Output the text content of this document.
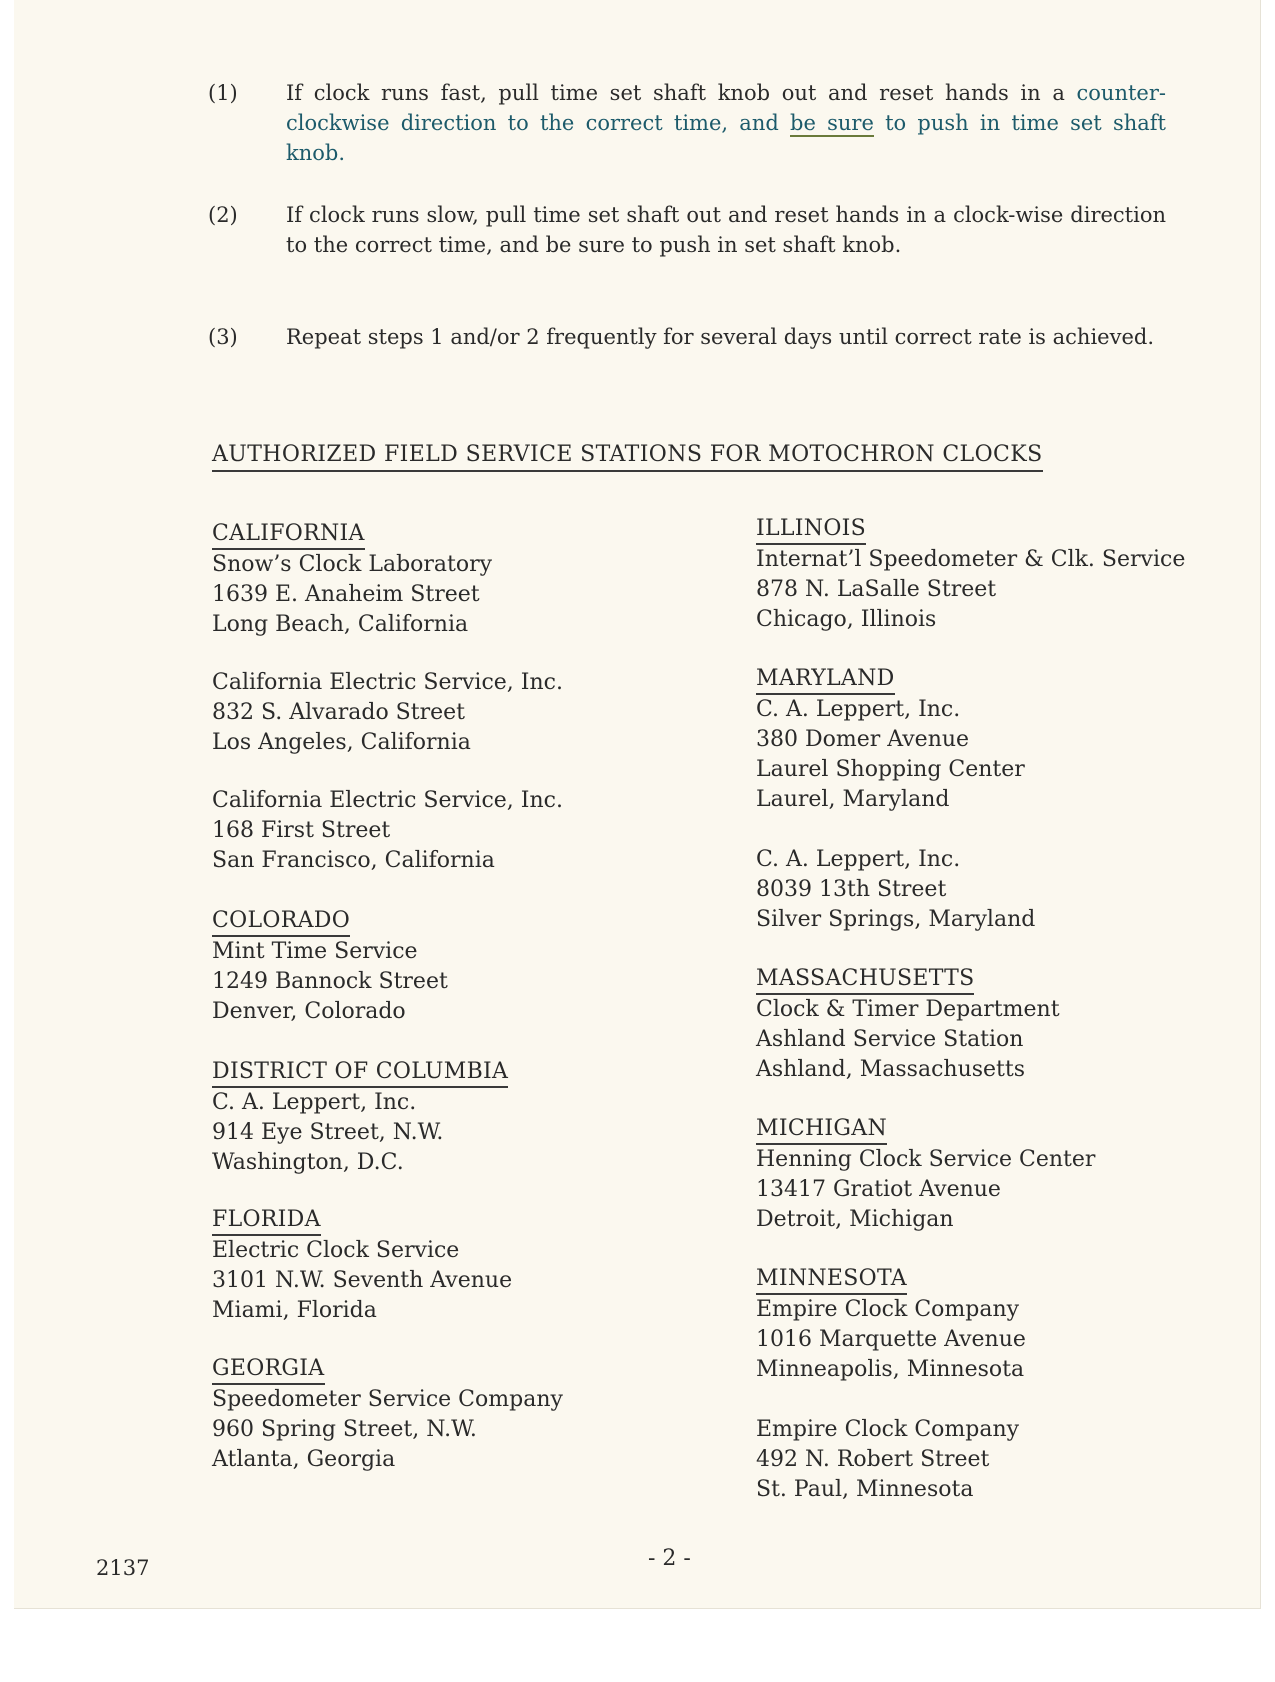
(1)	If clock runs fast, pull time set shaft knob out and reset hands in a counter-clockwise direction to the correct time, and be sure to push in time set shaft knob.
(2)	If clock runs slow, pull time set shaft out and reset hands in a clock-wise direction to the correct time, and be sure to push in set shaft knob.
(3)	Repeat steps 1 and/or 2 frequently for several days until correct rate is achieved.
AUTHORIZED FIELD SERVICE STATIONS FOR MOTOCHRON CLOCKS
CALIFORNIA
Snow’s Clock Laboratory
1639 E. Anaheim Street
Long Beach, California
California Electric Service, Inc.
832 S. Alvarado Street
Los Angeles, California
California Electric Service, Inc.
168 First Street
San Francisco, California
COLORADO
Mint Time Service
1249 Bannock Street
Denver, Colorado
DISTRICT OF COLUMBIA
C. A. Leppert, Inc.
914 Eye Street, N.W.
Washington, D.C.
FLORIDA
Electric Clock Service
3101 N.W. Seventh Avenue
Miami, Florida
GEORGIA
Speedometer Service Company
960 Spring Street, N.W.
Atlanta, Georgia
ILLINOIS
Internat’l Speedometer & Clk. Service
878 N. LaSalle Street
Chicago, Illinois
MARYLAND
C. A. Leppert, Inc.
380 Domer Avenue
Laurel Shopping Center
Laurel, Maryland
C. A. Leppert, Inc.
8039 13th Street
Silver Springs, Maryland
MASSACHUSETTS
Clock & Timer Department
Ashland Service Station
Ashland, Massachusetts
MICHIGAN
Henning Clock Service Center
13417 Gratiot Avenue
Detroit, Michigan
MINNESOTA
Empire Clock Company
1016 Marquette Avenue
Minneapolis, Minnesota
Empire Clock Company
492 N. Robert Street
St. Paul, Minnesota
2137	- 2 -
